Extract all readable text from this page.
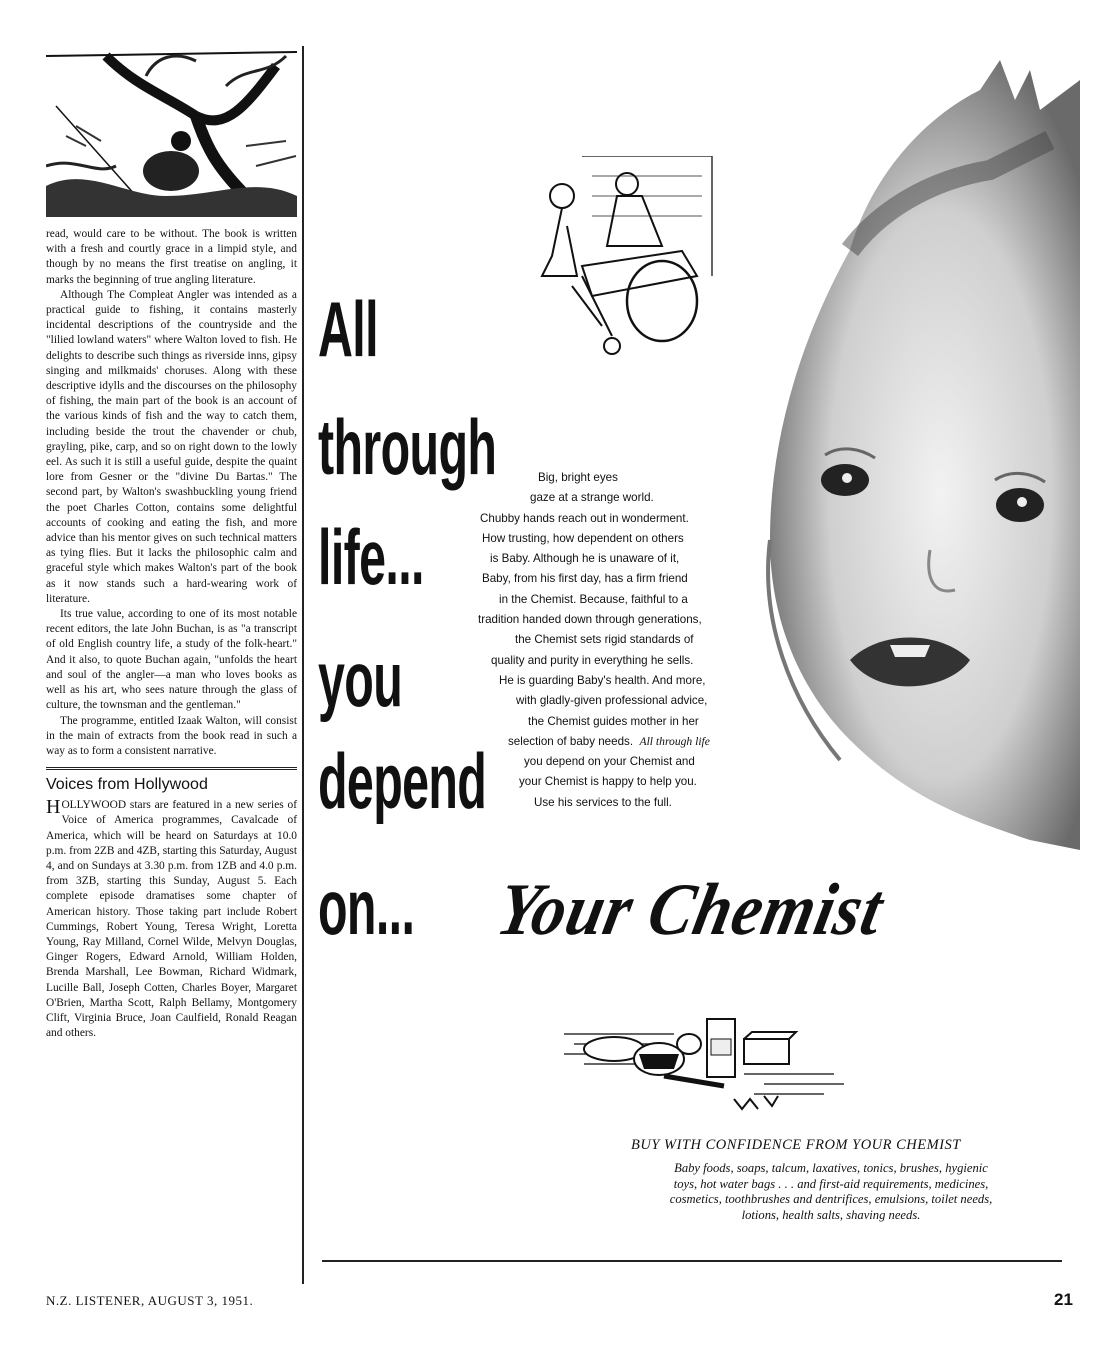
read, would care to be without. The book is written with a fresh and courtly grace in a limpid style, and though by no means the first treatise on angling, it marks the beginning of true angling literature.

Although The Compleat Angler was intended as a practical guide to fishing, it contains masterly incidental descriptions of the countryside and the "lilied lowland waters" where Walton loved to fish. He delights to describe such things as riverside inns, gipsy singing and milkmaids' choruses. Along with these descriptive idylls and the discourses on the philosophy of fishing, the main part of the book is an account of the various kinds of fish and the way to catch them, including beside the trout the chavender or chub, grayling, pike, carp, and so on right down to the lowly eel. As such it is still a useful guide, despite the quaint lore from Gesner or the "divine Du Bartas." The second part, by Walton's swashbuckling young friend the poet Charles Cotton, contains some delightful accounts of cooking and eating the fish, and more advice than his mentor gives on such technical matters as tying flies. But it lacks the philosophic calm and graceful style which makes Walton's part of the book as it now stands such a hard-wearing work of literature.

Its true value, according to one of its most notable recent editors, the late John Buchan, is as "a transcript of old English country life, a study of the folk-heart." And it also, to quote Buchan again, "unfolds the heart and soul of the angler—a man who loves books as well as his art, who sees nature through the glass of culture, the townsman and the gentleman."

The programme, entitled Izaak Walton, will consist in the main of extracts from the book read in such a way as to form a consistent narrative.

Voices from Hollywood
HOLLYWOOD stars are featured in a new series of Voice of America programmes, Cavalcade of America, which will be heard on Saturdays at 10.0 p.m. from 2ZB and 4ZB, starting this Saturday, August 4, and on Sundays at 3.30 p.m. from 1ZB and 4.0 p.m. from 3ZB, starting this Sunday, August 5. Each complete episode dramatises some chapter of American history. Those taking part include Robert Cummings, Robert Young, Teresa Wright, Loretta Young, Ray Milland, Cornel Wilde, Melvyn Douglas, Ginger Rogers, Edward Arnold, William Holden, Brenda Marshall, Lee Bowman, Richard Widmark, Lucille Ball, Joseph Cotten, Charles Boyer, Margaret O'Brien, Martha Scott, Ralph Bellamy, Montgomery Clift, Virginia Bruce, Joan Caulfield, Ronald Reagan and others.
N.Z. LISTENER, AUGUST 3, 1951.	21
All
through
life...
you
depend
on...
Big, bright eyes
gaze at a strange world.
Chubby hands reach out in wonderment.
How trusting, how dependent on others
is Baby. Although he is unaware of it,
Baby, from his first day, has a firm friend
in the Chemist. Because, faithful to a
tradition handed down through generations,
the Chemist sets rigid standards of
quality and purity in everything he sells.
He is guarding Baby's health. And more,
with gladly-given professional advice,
the Chemist guides mother in her
selection of baby needs. All through life
you depend on your Chemist and
your Chemist is happy to help you.
Use his services to the full.
Your Chemist
BUY WITH CONFIDENCE FROM YOUR CHEMIST
Baby foods, soaps, talcum, laxatives, tonics, brushes, hygienic
toys, hot water bags . . . and first-aid requirements, medicines,
cosmetics, toothbrushes and dentrifices, emulsions, toilet needs,
lotions, health salts, shaving needs.
